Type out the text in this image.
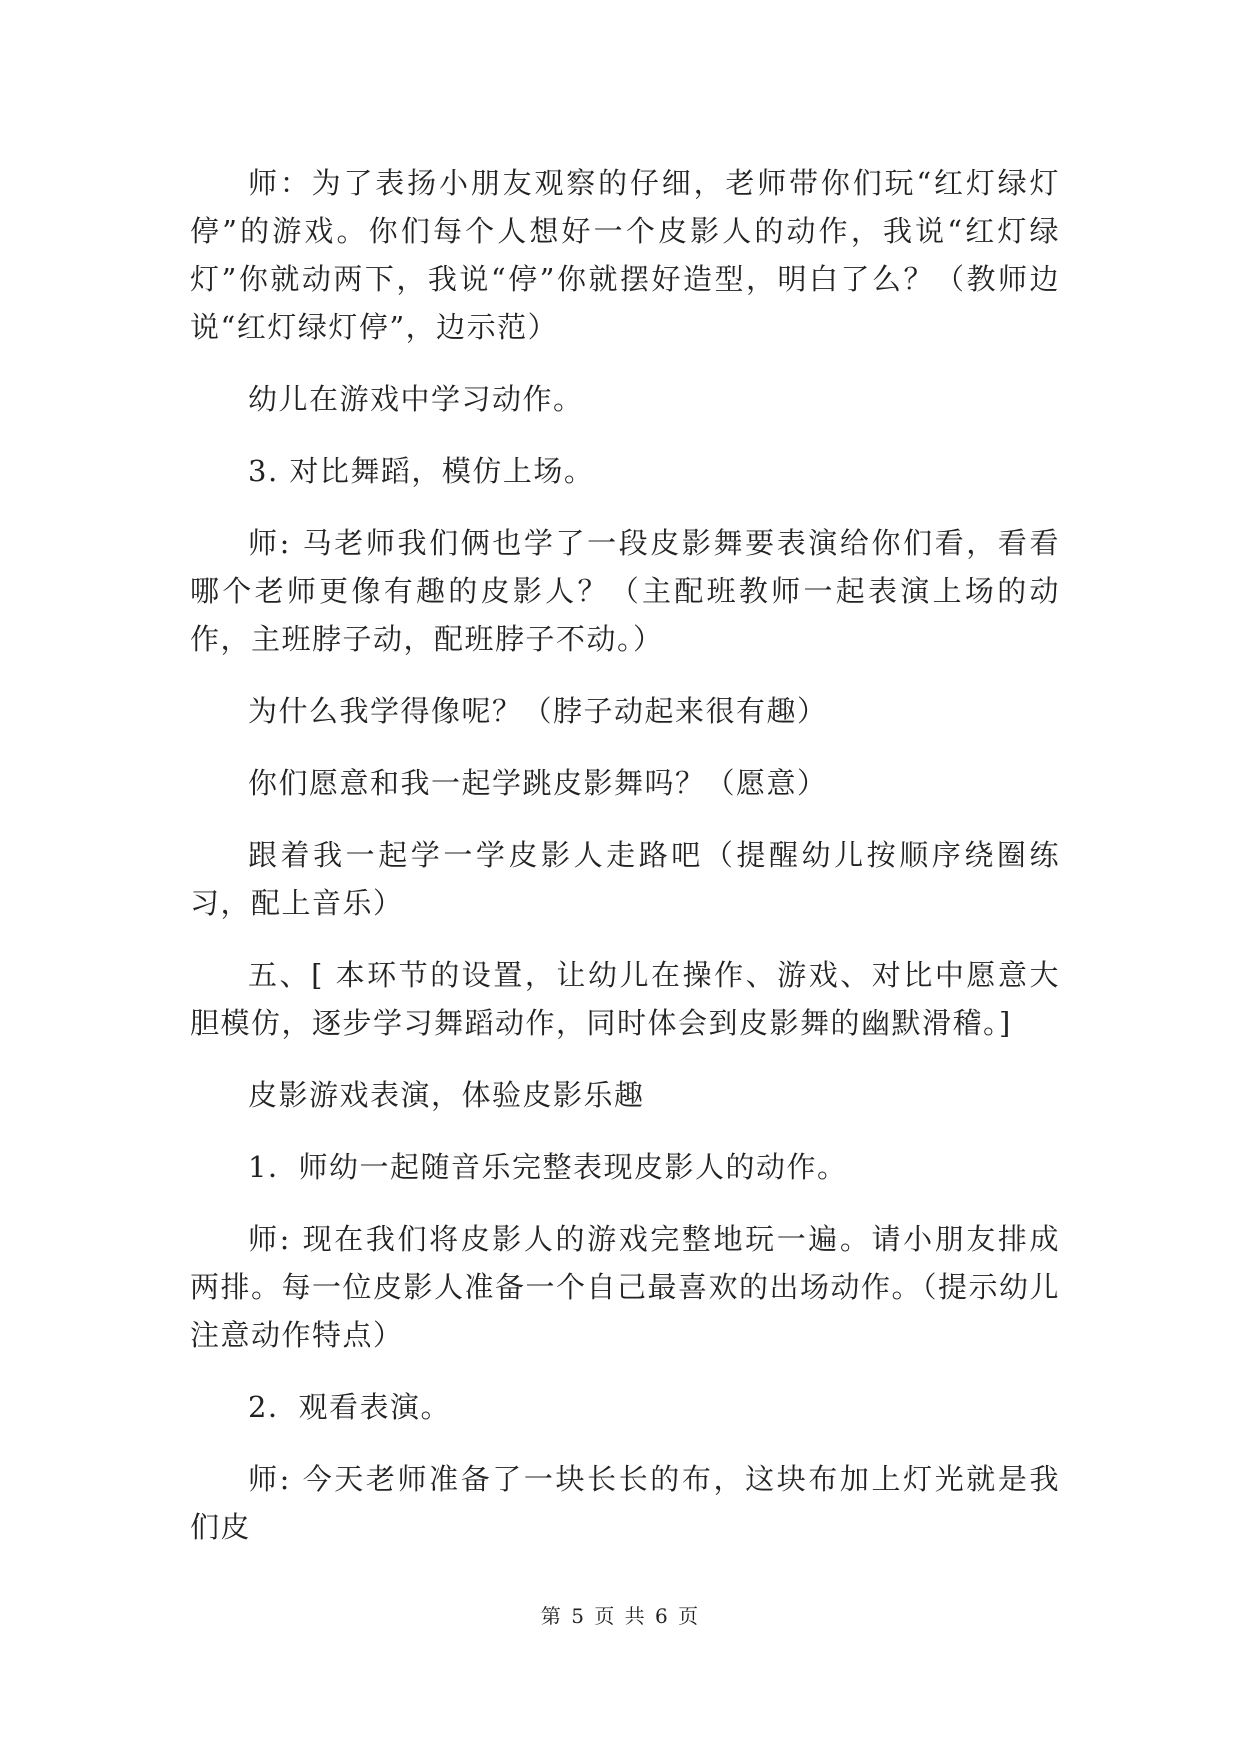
师：为了表扬小朋友观察的仔细，老师带你们玩“红灯绿灯停”的游戏。你们每个人想好一个皮影人的动作，我说“红灯绿灯”你就动两下，我说“停”你就摆好造型，明白了么？（教师边说“红灯绿灯停”，边示范）

幼儿在游戏中学习动作。

3. 对比舞蹈，模仿上场。

师: 马老师我们俩也学了一段皮影舞要表演给你们看，看看哪个老师更像有趣的皮影人？（主配班教师一起表演上场的动作，主班脖子动，配班脖子不动。）

为什么我学得像呢？（脖子动起来很有趣）

你们愿意和我一起学跳皮影舞吗？（愿意）

跟着我一起学一学皮影人走路吧（提醒幼儿按顺序绕圈练习，配上音乐）

五、[ 本环节的设置，让幼儿在操作、游戏、对比中愿意大胆模仿，逐步学习舞蹈动作，同时体会到皮影舞的幽默滑稽。]

皮影游戏表演，体验皮影乐趣

1．师幼一起随音乐完整表现皮影人的动作。

师: 现在我们将皮影人的游戏完整地玩一遍。请小朋友排成两排。每一位皮影人准备一个自己最喜欢的出场动作。（提示幼儿注意动作特点）

2．观看表演。

师: 今天老师准备了一块长长的布，这块布加上灯光就是我们皮

第 5 页 共 6 页
